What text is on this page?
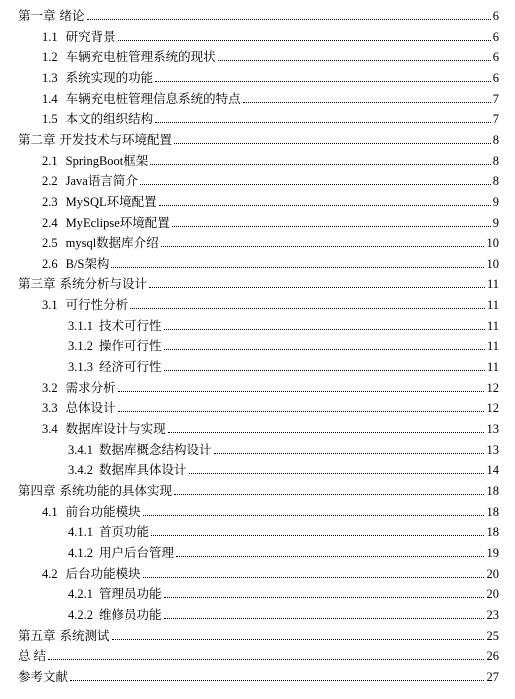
第一章 绪论	6
1.1 研究背景	6
1.2 车辆充电桩管理系统的现状	6
1.3 系统实现的功能	6
1.4 车辆充电桩管理信息系统的特点	7
1.5 本文的组织结构	7
第二章 开发技术与环境配置	8
2.1 SpringBoot框架	8
2.2 Java语言简介	8
2.3 MySQL环境配置	9
2.4 MyEclipse环境配置	9
2.5 mysql数据库介绍	10
2.6 B/S架构	10
第三章 系统分析与设计	11
3.1 可行性分析	11
3.1.1 技术可行性	11
3.1.2 操作可行性	11
3.1.3 经济可行性	11
3.2 需求分析	12
3.3 总体设计	12
3.4 数据库设计与实现	13
3.4.1 数据库概念结构设计	13
3.4.2 数据库具体设计	14
第四章 系统功能的具体实现	18
4.1 前台功能模块	18
4.1.1 首页功能	18
4.1.2 用户后台管理	19
4.2 后台功能模块	20
4.2.1 管理员功能	20
4.2.2 维修员功能	23
第五章 系统测试	25
总 结	26
参考文献	27
